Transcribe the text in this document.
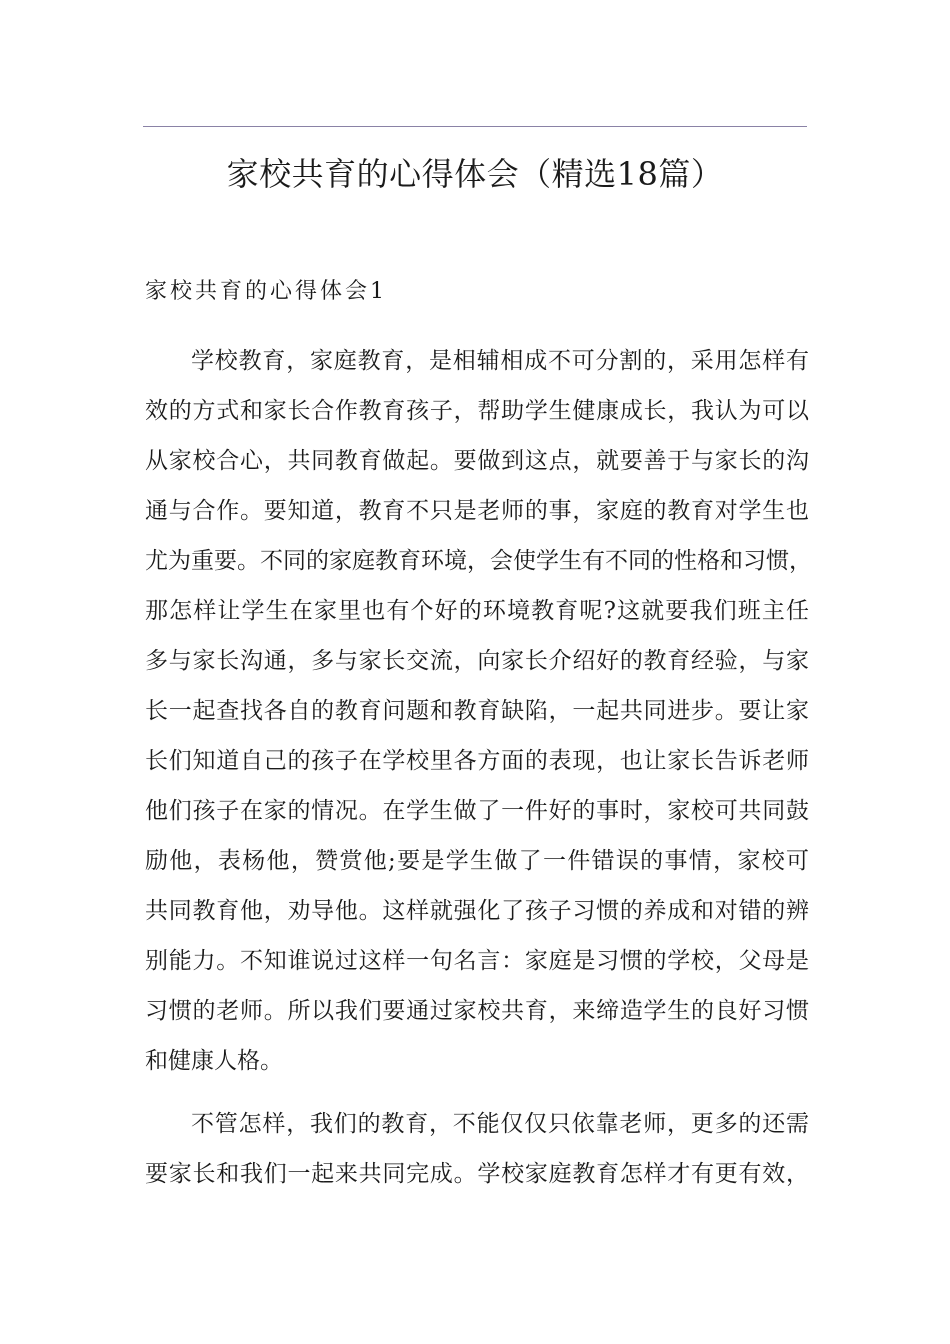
家校共育的心得体会（精选18篇）
家校共育的心得体会1
学校教育，家庭教育，是相辅相成不可分割的，采用怎样有
效的方式和家长合作教育孩子，帮助学生健康成长，我认为可以
从家校合心，共同教育做起。要做到这点，就要善于与家长的沟
通与合作。要知道，教育不只是老师的事，家庭的教育对学生也
尤为重要。不同的家庭教育环境，会使学生有不同的性格和习惯，
那怎样让学生在家里也有个好的环境教育呢?这就要我们班主任
多与家长沟通，多与家长交流，向家长介绍好的教育经验，与家
长一起查找各自的教育问题和教育缺陷，一起共同进步。要让家
长们知道自己的孩子在学校里各方面的表现，也让家长告诉老师
他们孩子在家的情况。在学生做了一件好的事时，家校可共同鼓
励他，表杨他，赞赏他;要是学生做了一件错误的事情，家校可
共同教育他，劝导他。这样就强化了孩子习惯的养成和对错的辨
别能力。不知谁说过这样一句名言：家庭是习惯的学校，父母是
习惯的老师。所以我们要通过家校共育，来缔造学生的良好习惯
和健康人格。
不管怎样，我们的教育，不能仅仅只依靠老师，更多的还需
要家长和我们一起来共同完成。学校家庭教育怎样才有更有效，
